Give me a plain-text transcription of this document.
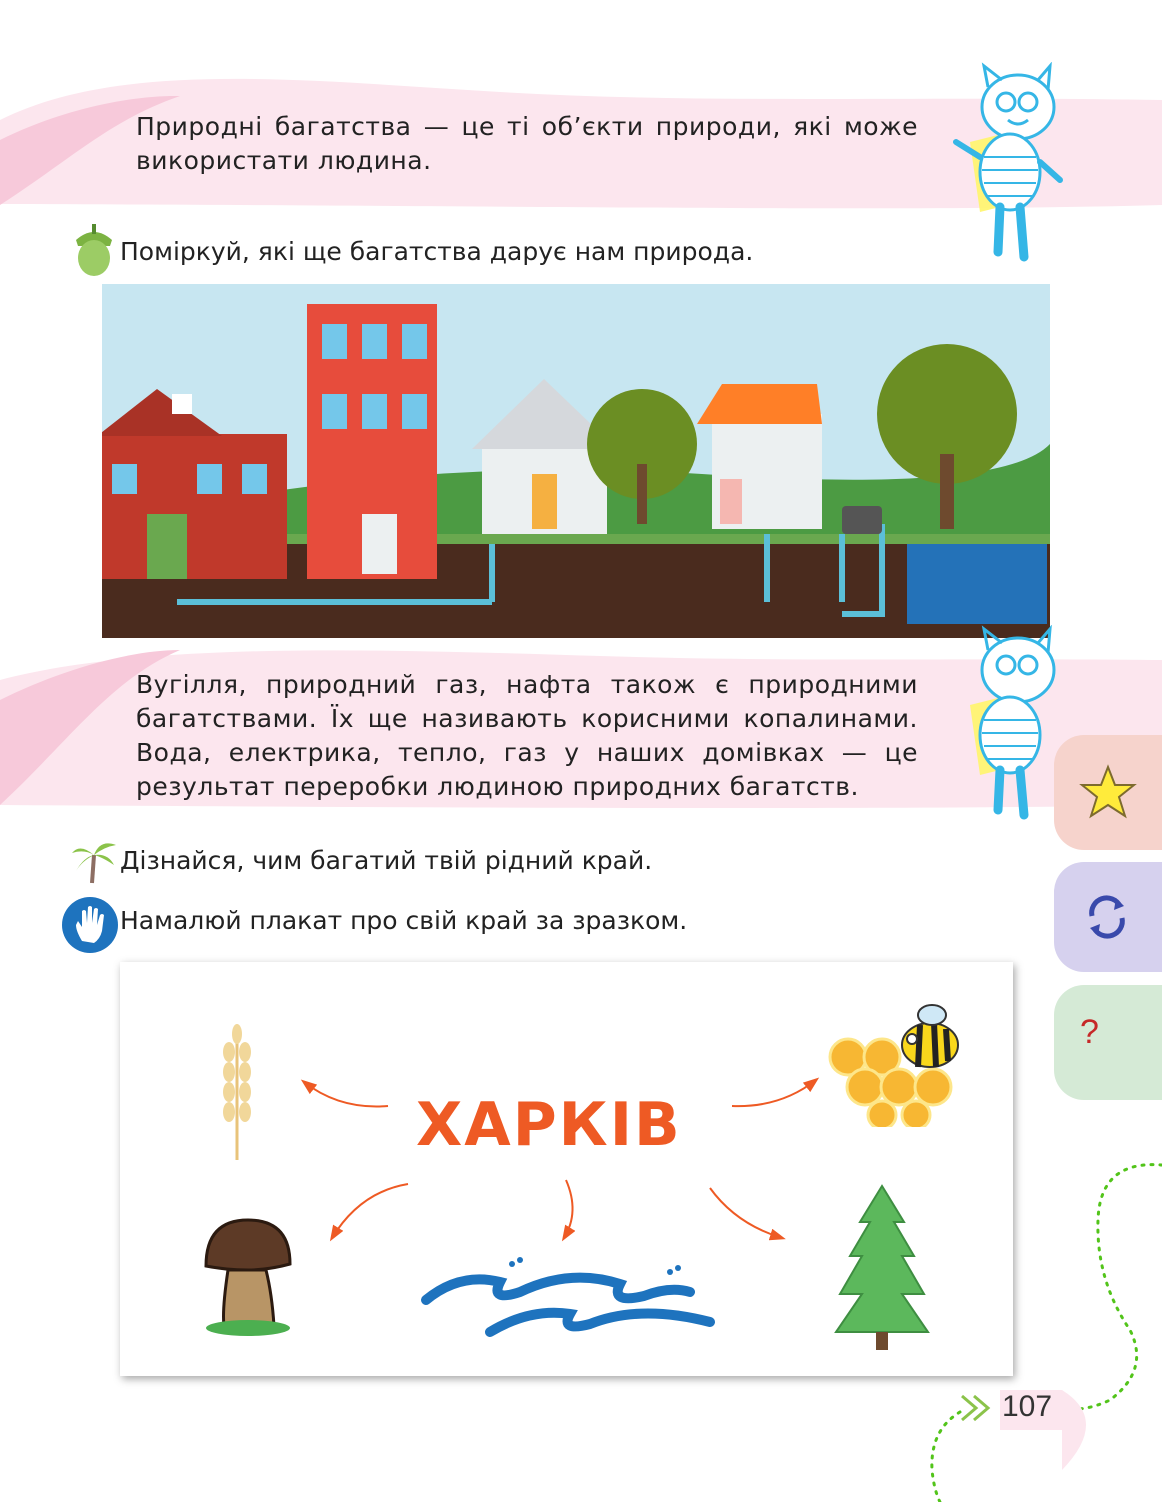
Природні багатства — це ті об’єкти природи, які може використати людина.

Поміркуй, які ще багатства дарує нам природа.

Вугілля, природний газ, нафта також є природними багатствами. Їх ще називають корисними копалинами. Вода, електрика, тепло, газ у наших домівках — це результат переробки людиною природних багатств.

?
Дізнайся, чим багатий твій рідний край.
Намалюй плакат про свій край за зразком.
ХАРКІВ
107
